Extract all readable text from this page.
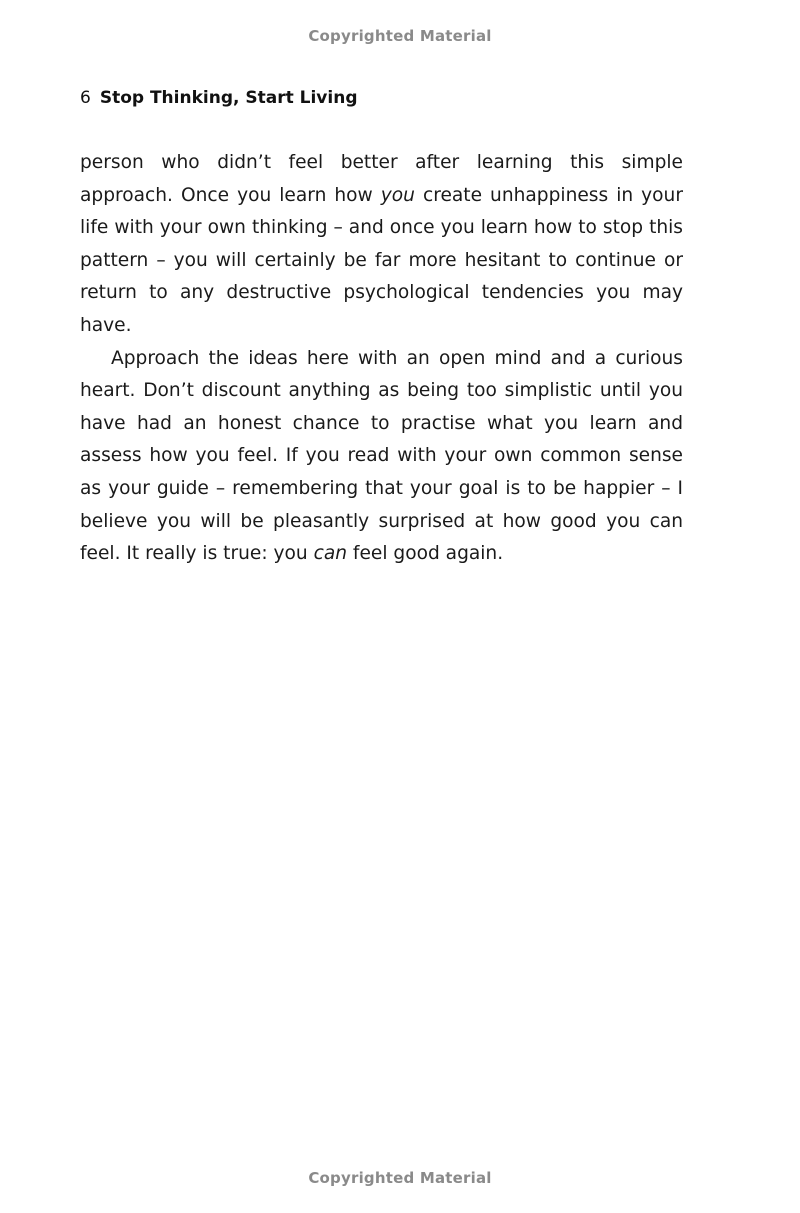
Copyrighted Material
6 Stop Thinking, Start Living

person who didn’t feel better after learning this simple approach. Once you learn how you create unhappiness in your life with your own thinking – and once you learn how to stop this pattern – you will certainly be far more hesitant to continue or return to any destructive psychological tendencies you may have.

Approach the ideas here with an open mind and a curious heart. Don’t discount anything as being too simplistic until you have had an honest chance to practise what you learn and assess how you feel. If you read with your own common sense as your guide – remembering that your goal is to be happier – I believe you will be pleasantly surprised at how good you can feel. It really is true: you can feel good again.

Copyrighted Material
